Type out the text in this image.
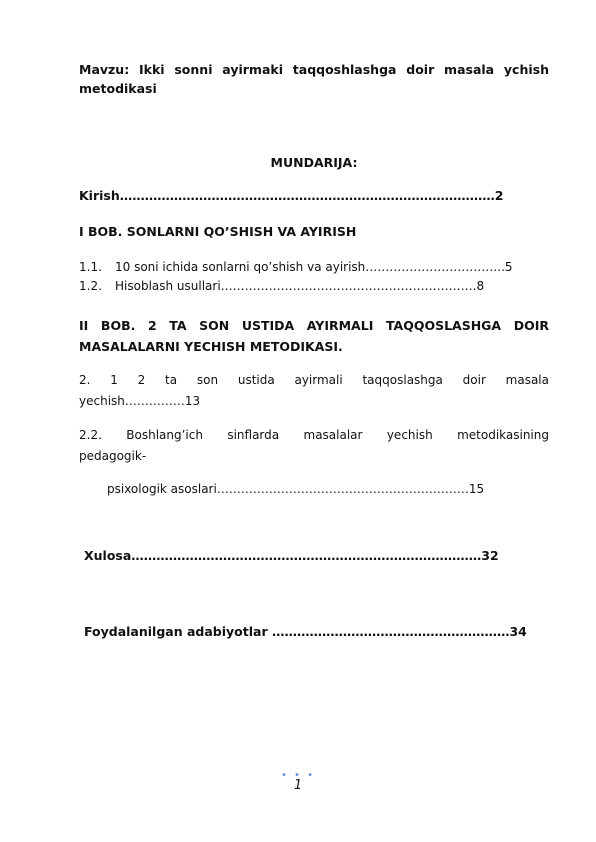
Mavzu: Ikki sonni ayirmaki taqqoshlashga doir masala ychish
metodikasi
MUNDARIJA:
Kirish………………………………………………………………………………2
I BOB. SONLARNI QO’SHISH VA AYIRISH
1.1. 10 soni ichida sonlarni qo’shish va ayirish……………………………..5
1.2. Hisoblash usullari……………………………………………………….8
II BOB. 2 TA SON USTIDA AYIRMALI TAQQOSLASHGA DOIR
MASALALARNI YECHISH METODIKASI.
2. 1 2 ta son ustida ayirmali taqqoslashga doir masala
yechish……………13
2.2. Boshlang’ich sinflarda masalalar yechish metodikasining
pedagogik-
psixologik asoslari………………………………………………………15
Xulosa…………………………………………………………………………32
Foydalanilgan adabiyotlar …………………………………………………34
• • •
1
